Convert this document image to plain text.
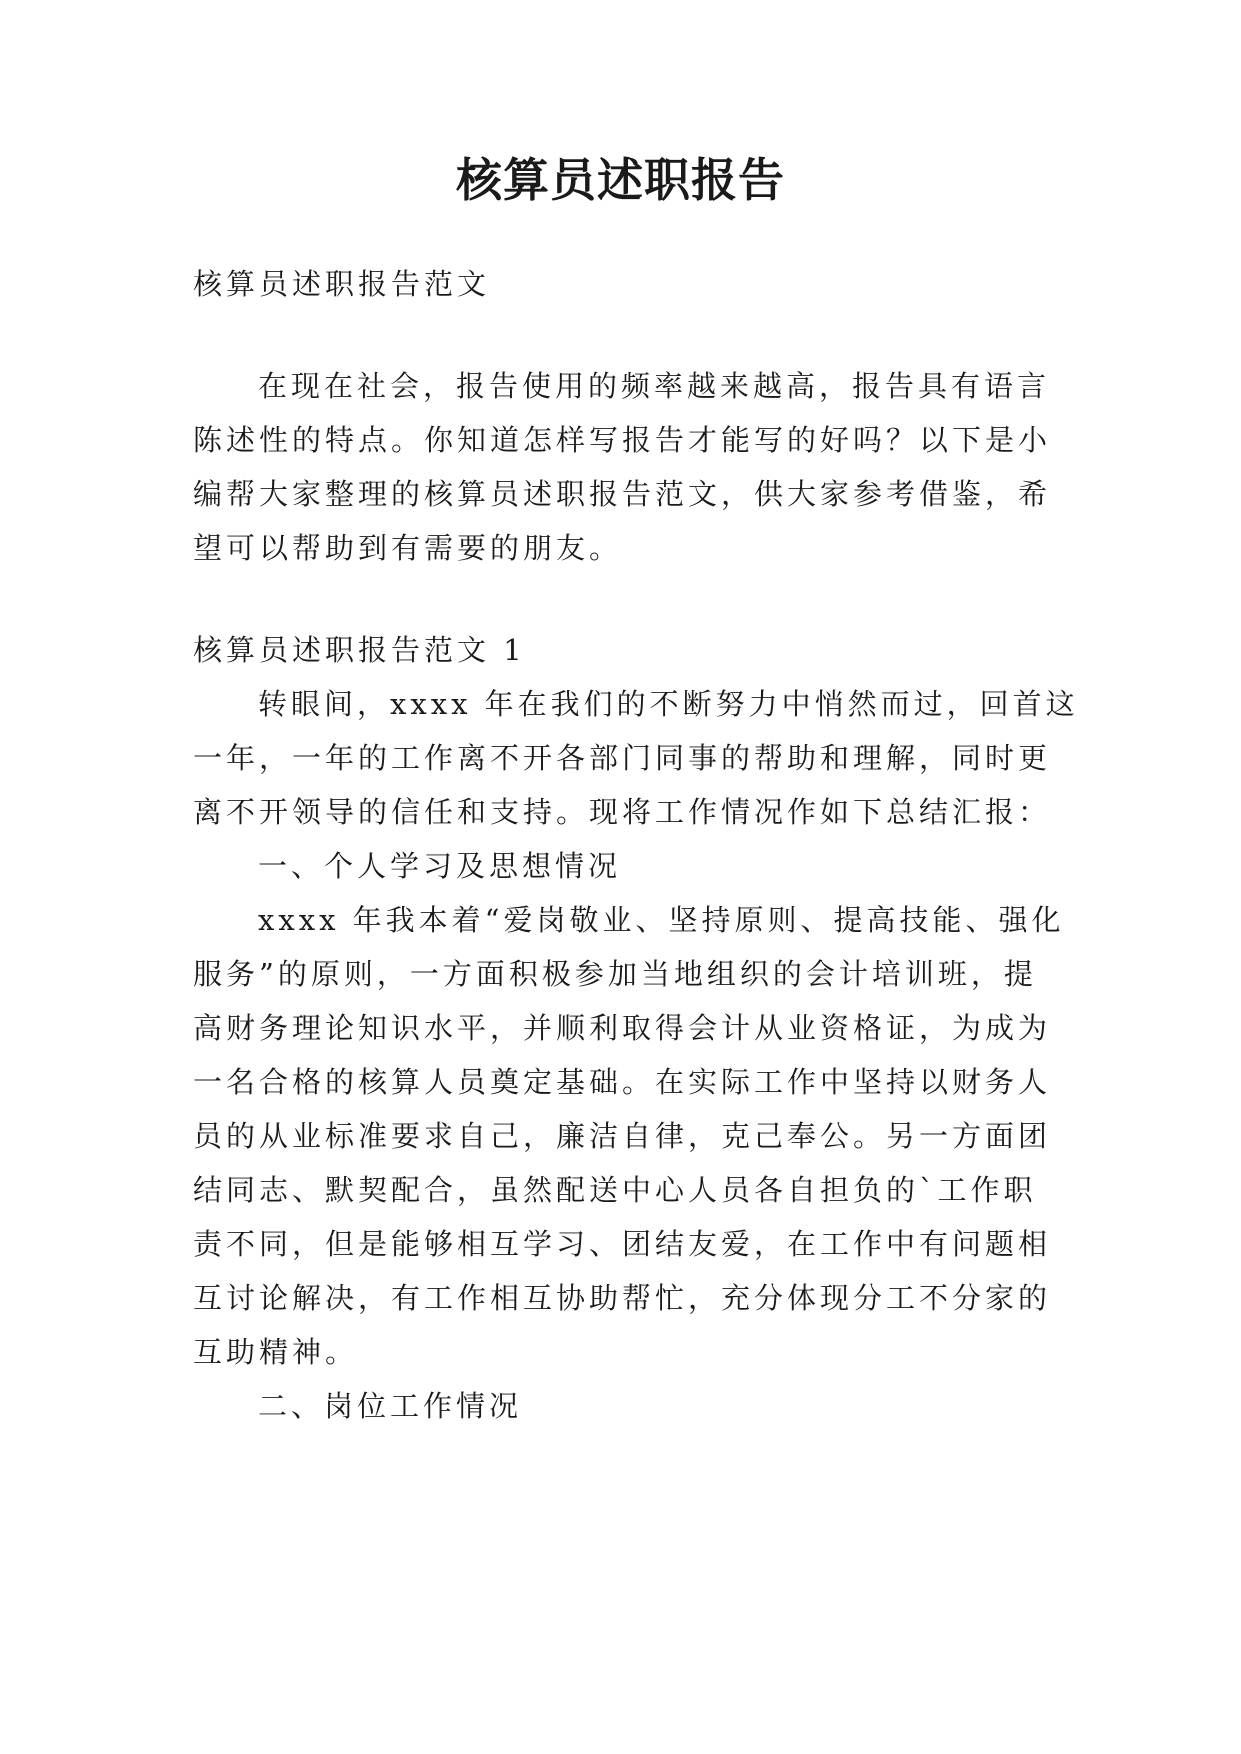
核算员述职报告
核算员述职报告范文
在现在社会，报告使用的频率越来越高，报告具有语言
陈述性的特点。你知道怎样写报告才能写的好吗？以下是小
编帮大家整理的核算员述职报告范文，供大家参考借鉴，希
望可以帮助到有需要的朋友。
核算员述职报告范文 1
转眼间，xxxx 年在我们的不断努力中悄然而过，回首这
一年，一年的工作离不开各部门同事的帮助和理解，同时更
离不开领导的信任和支持。现将工作情况作如下总结汇报：
一、个人学习及思想情况
xxxx 年我本着“爱岗敬业、坚持原则、提高技能、强化
服务”的原则，一方面积极参加当地组织的会计培训班，提
高财务理论知识水平，并顺利取得会计从业资格证，为成为
一名合格的核算人员奠定基础。在实际工作中坚持以财务人
员的从业标准要求自己，廉洁自律，克己奉公。另一方面团
结同志、默契配合，虽然配送中心人员各自担负的`工作职
责不同，但是能够相互学习、团结友爱，在工作中有问题相
互讨论解决，有工作相互协助帮忙，充分体现分工不分家的
互助精神。
二、岗位工作情况
